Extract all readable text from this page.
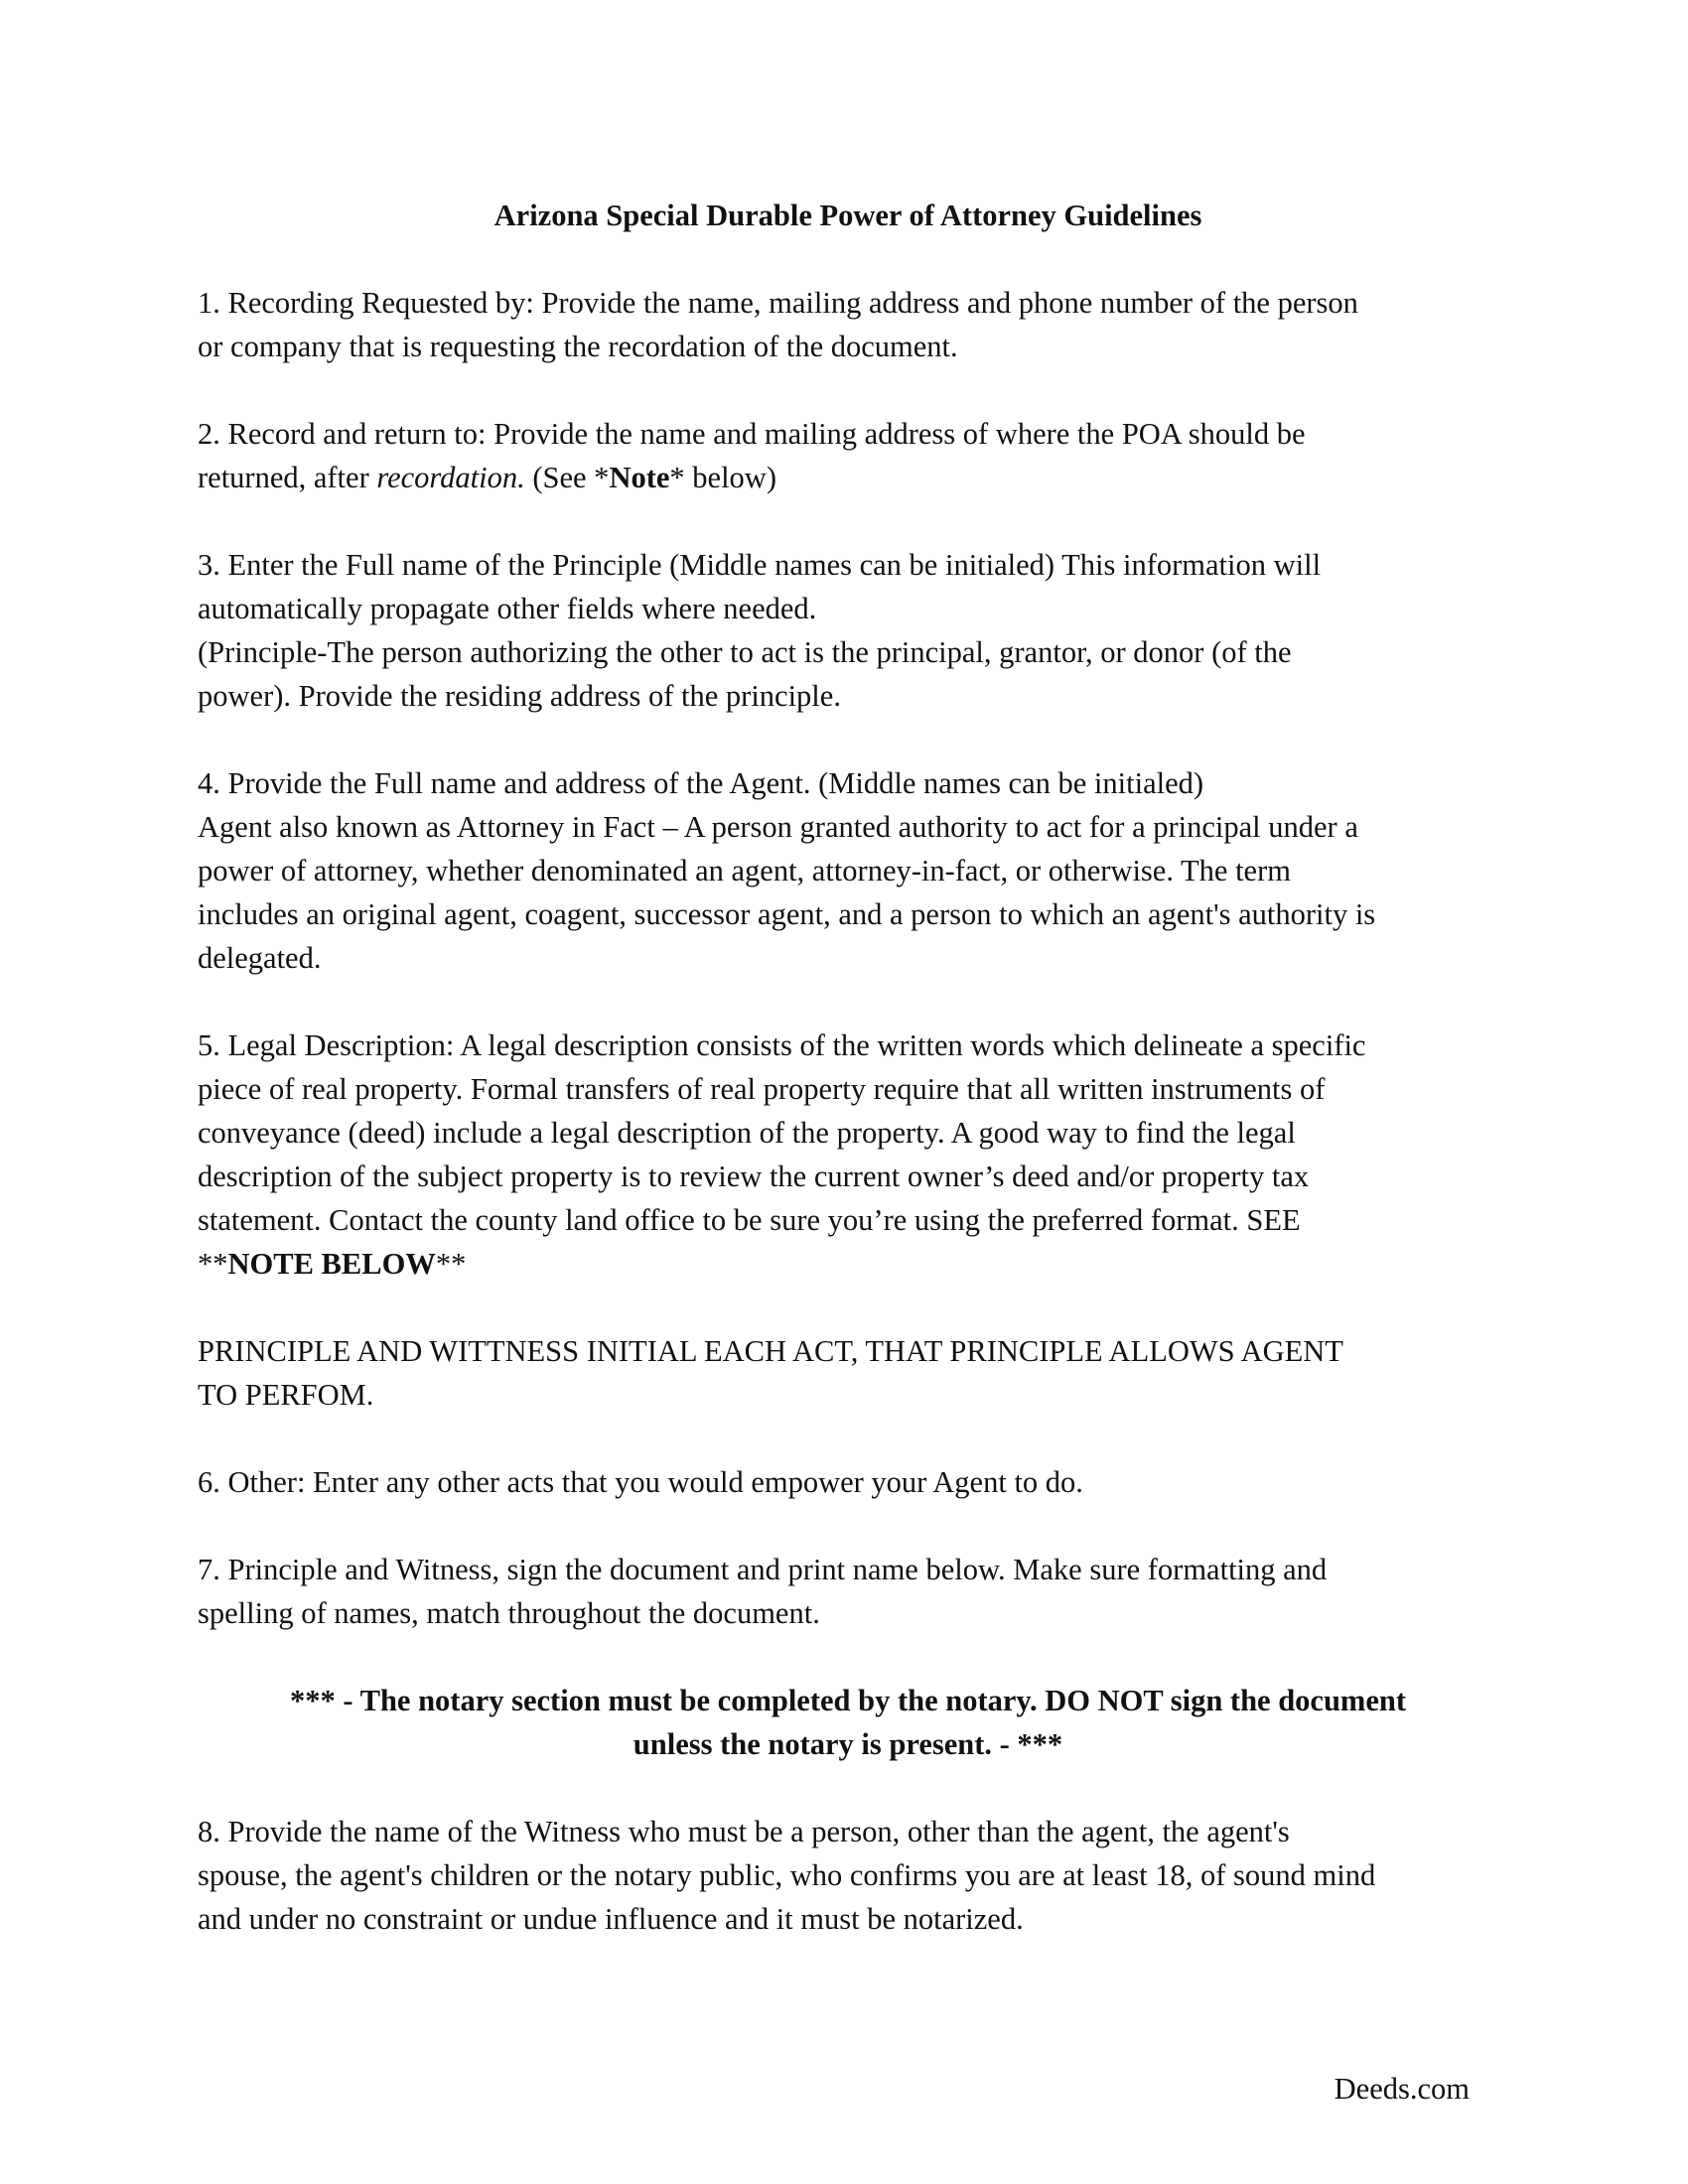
Arizona Special Durable Power of Attorney Guidelines
1. Recording Requested by: Provide the name, mailing address and phone number of the person
or company that is requesting the recordation of the document.
2. Record and return to: Provide the name and mailing address of where the POA should be
returned, after recordation. (See *Note* below)
3. Enter the Full name of the Principle (Middle names can be initialed) This information will
automatically propagate other fields where needed.
(Principle-The person authorizing the other to act is the principal, grantor, or donor (of the
power). Provide the residing address of the principle.
4. Provide the Full name and address of the Agent. (Middle names can be initialed)
Agent also known as Attorney in Fact – A person granted authority to act for a principal under a
power of attorney, whether denominated an agent, attorney-in-fact, or otherwise. The term
includes an original agent, coagent, successor agent, and a person to which an agent's authority is
delegated.
5. Legal Description: A legal description consists of the written words which delineate a specific
piece of real property. Formal transfers of real property require that all written instruments of
conveyance (deed) include a legal description of the property. A good way to find the legal
description of the subject property is to review the current owner’s deed and/or property tax
statement. Contact the county land office to be sure you’re using the preferred format. SEE
**NOTE BELOW**
PRINCIPLE AND WITTNESS INITIAL EACH ACT, THAT PRINCIPLE ALLOWS AGENT
TO PERFOM.
6. Other: Enter any other acts that you would empower your Agent to do.
7. Principle and Witness, sign the document and print name below. Make sure formatting and
spelling of names, match throughout the document.
*** - The notary section must be completed by the notary. DO NOT sign the document
unless the notary is present. - ***
8. Provide the name of the Witness who must be a person, other than the agent, the agent's
spouse, the agent's children or the notary public, who confirms you are at least 18, of sound mind
and under no constraint or undue influence and it must be notarized.
Deeds.com
